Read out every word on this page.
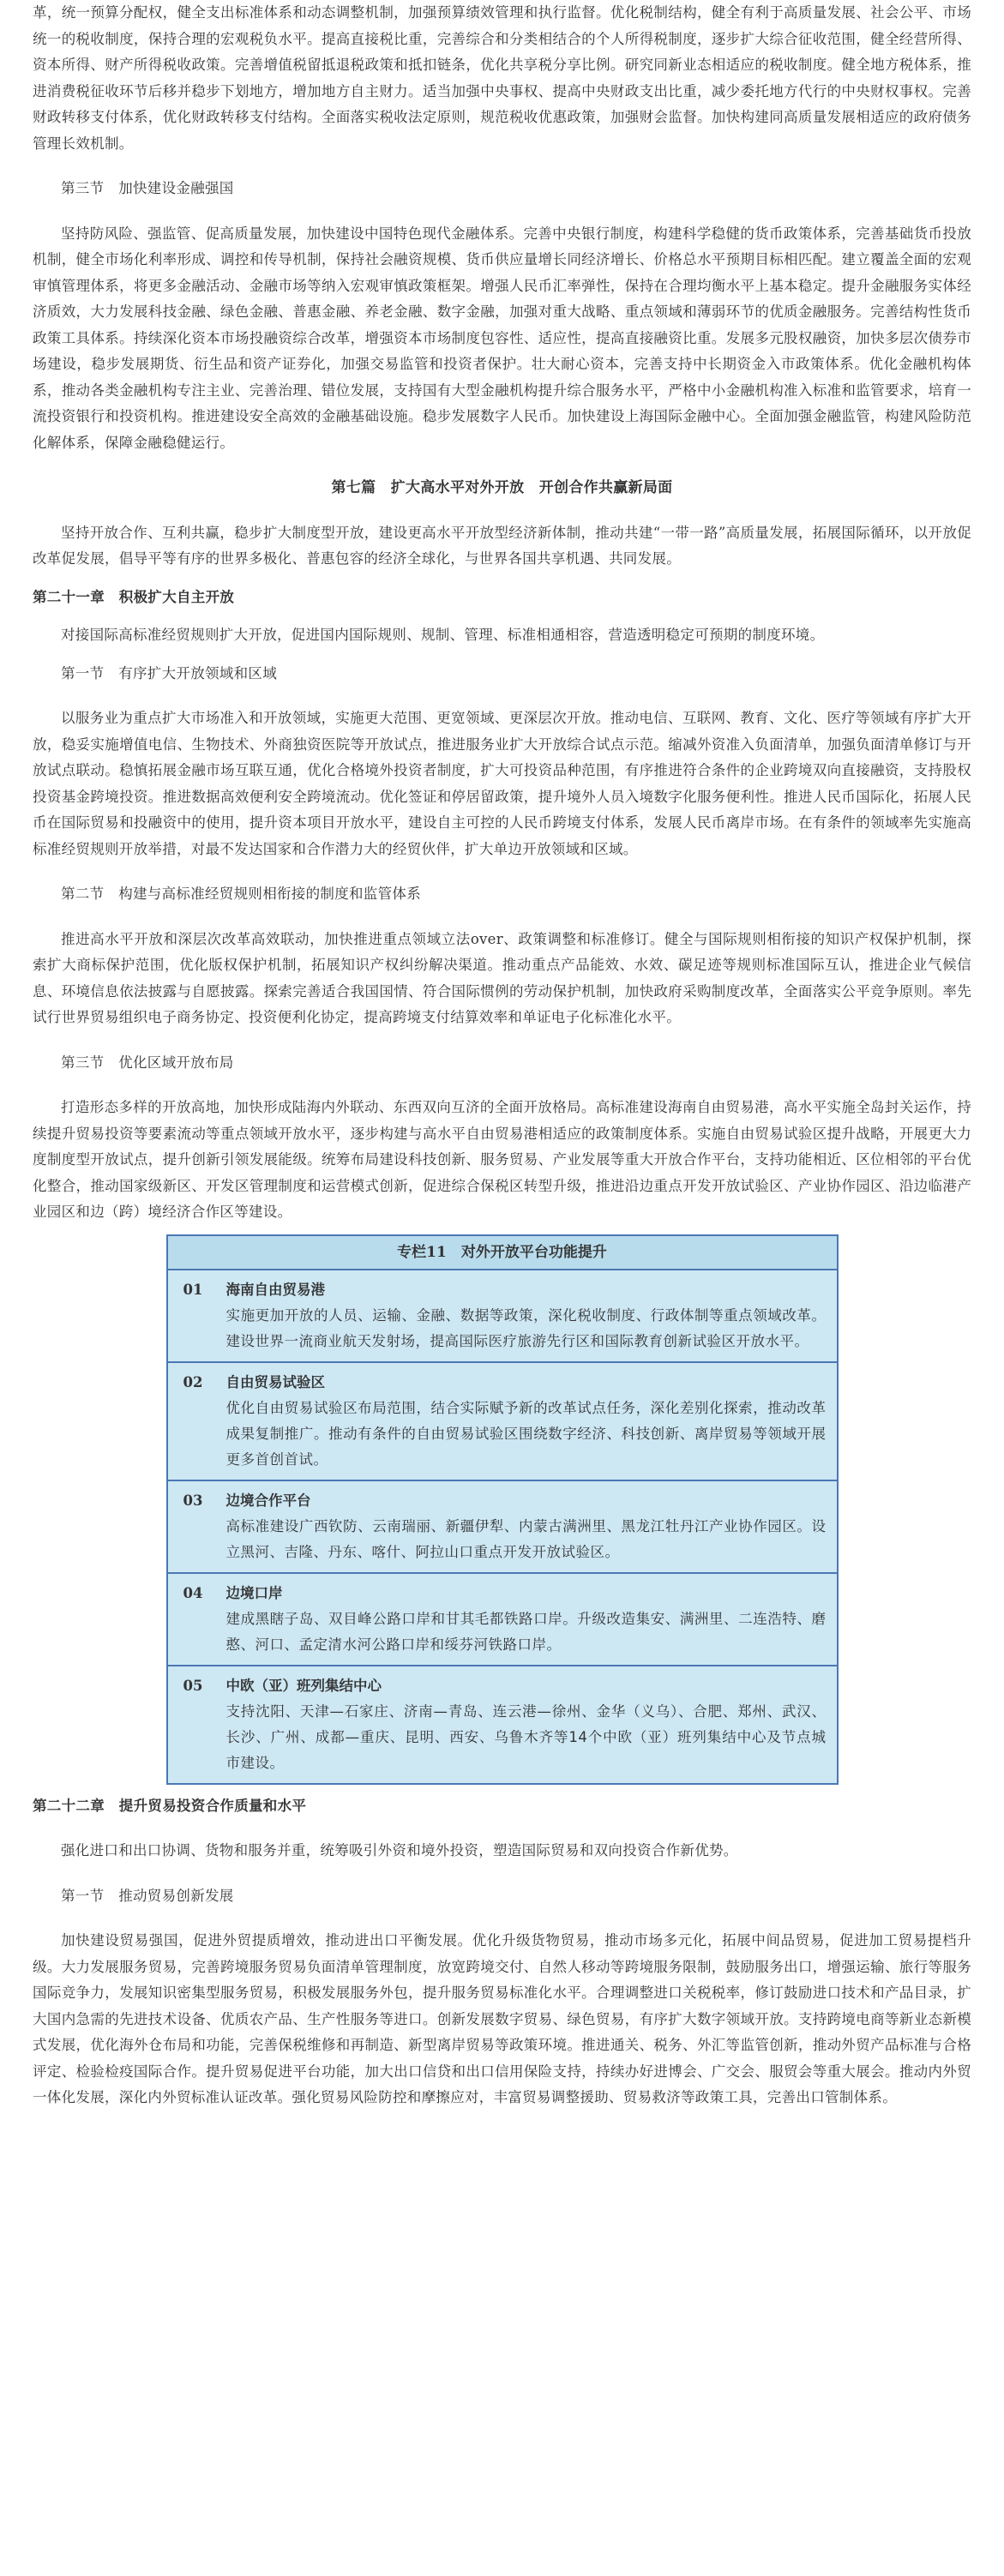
革，统一预算分配权，健全支出标准体系和动态调整机制，加强预算绩效管理和执行监督。优化税制结构，健全有利于高质量发展、社会公平、市场统一的税收制度，保持合理的宏观税负水平。提高直接税比重，完善综合和分类相结合的个人所得税制度，逐步扩大综合征收范围，健全经营所得、资本所得、财产所得税收政策。完善增值税留抵退税政策和抵扣链条，优化共享税分享比例。研究同新业态相适应的税收制度。健全地方税体系，推进消费税征收环节后移并稳步下划地方，增加地方自主财力。适当加强中央事权、提高中央财政支出比重，减少委托地方代行的中央财权事权。完善财政转移支付体系，优化财政转移支付结构。全面落实税收法定原则，规范税收优惠政策，加强财会监督。加快构建同高质量发展相适应的政府债务管理长效机制。

第三节　加快建设金融强国

坚持防风险、强监管、促高质量发展，加快建设中国特色现代金融体系。完善中央银行制度，构建科学稳健的货币政策体系，完善基础货币投放机制，健全市场化利率形成、调控和传导机制，保持社会融资规模、货币供应量增长同经济增长、价格总水平预期目标相匹配。建立覆盖全面的宏观审慎管理体系，将更多金融活动、金融市场等纳入宏观审慎政策框架。增强人民币汇率弹性，保持在合理均衡水平上基本稳定。提升金融服务实体经济质效，大力发展科技金融、绿色金融、普惠金融、养老金融、数字金融，加强对重大战略、重点领域和薄弱环节的优质金融服务。完善结构性货币政策工具体系。持续深化资本市场投融资综合改革，增强资本市场制度包容性、适应性，提高直接融资比重。发展多元股权融资，加快多层次债券市场建设，稳步发展期货、衍生品和资产证券化，加强交易监管和投资者保护。壮大耐心资本，完善支持中长期资金入市政策体系。优化金融机构体系，推动各类金融机构专注主业、完善治理、错位发展，支持国有大型金融机构提升综合服务水平，严格中小金融机构准入标准和监管要求，培育一流投资银行和投资机构。推进建设安全高效的金融基础设施。稳步发展数字人民币。加快建设上海国际金融中心。全面加强金融监管，构建风险防范化解体系，保障金融稳健运行。

第七篇　扩大高水平对外开放　开创合作共赢新局面

坚持开放合作、互利共赢，稳步扩大制度型开放，建设更高水平开放型经济新体制，推动共建“一带一路”高质量发展，拓展国际循环，以开放促改革促发展，倡导平等有序的世界多极化、普惠包容的经济全球化，与世界各国共享机遇、共同发展。

第二十一章　积极扩大自主开放

对接国际高标准经贸规则扩大开放，促进国内国际规则、规制、管理、标准相通相容，营造透明稳定可预期的制度环境。

第一节　有序扩大开放领域和区域

以服务业为重点扩大市场准入和开放领域，实施更大范围、更宽领域、更深层次开放。推动电信、互联网、教育、文化、医疗等领域有序扩大开放，稳妥实施增值电信、生物技术、外商独资医院等开放试点，推进服务业扩大开放综合试点示范。缩减外资准入负面清单，加强负面清单修订与开放试点联动。稳慎拓展金融市场互联互通，优化合格境外投资者制度，扩大可投资品种范围，有序推进符合条件的企业跨境双向直接融资，支持股权投资基金跨境投资。推进数据高效便利安全跨境流动。优化签证和停居留政策，提升境外人员入境数字化服务便利性。推进人民币国际化，拓展人民币在国际贸易和投融资中的使用，提升资本项目开放水平，建设自主可控的人民币跨境支付体系，发展人民币离岸市场。在有条件的领域率先实施高标准经贸规则开放举措，对最不发达国家和合作潜力大的经贸伙伴，扩大单边开放领域和区域。

第二节　构建与高标准经贸规则相衔接的制度和监管体系

推进高水平开放和深层次改革高效联动，加快推进重点领域立法over、政策调整和标准修订。健全与国际规则相衔接的知识产权保护机制，探索扩大商标保护范围，优化版权保护机制，拓展知识产权纠纷解决渠道。推动重点产品能效、水效、碳足迹等规则标准国际互认，推进企业气候信息、环境信息依法披露与自愿披露。探索完善适合我国国情、符合国际惯例的劳动保护机制，加快政府采购制度改革，全面落实公平竞争原则。率先试行世界贸易组织电子商务协定、投资便利化协定，提高跨境支付结算效率和单证电子化标准化水平。

第三节　优化区域开放布局

打造形态多样的开放高地，加快形成陆海内外联动、东西双向互济的全面开放格局。高标准建设海南自由贸易港，高水平实施全岛封关运作，持续提升贸易投资等要素流动等重点领域开放水平，逐步构建与高水平自由贸易港相适应的政策制度体系。实施自由贸易试验区提升战略，开展更大力度制度型开放试点，提升创新引领发展能级。统筹布局建设科技创新、服务贸易、产业发展等重大开放合作平台，支持功能相近、区位相邻的平台优化整合，推动国家级新区、开发区管理制度和运营模式创新，促进综合保税区转型升级，推进沿边重点开发开放试验区、产业协作园区、沿边临港产业园区和边（跨）境经济合作区等建设。

专栏11　对外开放平台功能提升
01	海南自由贸易港
实施更加开放的人员、运输、金融、数据等政策，深化税收制度、行政体制等重点领域改革。建设世界一流商业航天发射场，提高国际医疗旅游先行区和国际教育创新试验区开放水平。
02	自由贸易试验区
优化自由贸易试验区布局范围，结合实际赋予新的改革试点任务，深化差别化探索，推动改革成果复制推广。推动有条件的自由贸易试验区围绕数字经济、科技创新、离岸贸易等领域开展更多首创首试。
03	边境合作平台
高标准建设广西钦防、云南瑞丽、新疆伊犁、内蒙古满洲里、黑龙江牡丹江产业协作园区。设立黑河、吉隆、丹东、喀什、阿拉山口重点开发开放试验区。
04	边境口岸
建成黑瞎子岛、双目峰公路口岸和甘其毛都铁路口岸。升级改造集安、满洲里、二连浩特、磨憨、河口、孟定清水河公路口岸和绥芬河铁路口岸。
05	中欧（亚）班列集结中心
支持沈阳、天津—石家庄、济南—青岛、连云港—徐州、金华（义乌）、合肥、郑州、武汉、长沙、广州、成都—重庆、昆明、西安、乌鲁木齐等14个中欧（亚）班列集结中心及节点城市建设。

第二十二章　提升贸易投资合作质量和水平

强化进口和出口协调、货物和服务并重，统筹吸引外资和境外投资，塑造国际贸易和双向投资合作新优势。

第一节　推动贸易创新发展

加快建设贸易强国，促进外贸提质增效，推动进出口平衡发展。优化升级货物贸易，推动市场多元化，拓展中间品贸易，促进加工贸易提档升级。大力发展服务贸易，完善跨境服务贸易负面清单管理制度，放宽跨境交付、自然人移动等跨境服务限制，鼓励服务出口，增强运输、旅行等服务国际竞争力，发展知识密集型服务贸易，积极发展服务外包，提升服务贸易标准化水平。合理调整进口关税税率，修订鼓励进口技术和产品目录，扩大国内急需的先进技术设备、优质农产品、生产性服务等进口。创新发展数字贸易、绿色贸易，有序扩大数字领域开放。支持跨境电商等新业态新模式发展，优化海外仓布局和功能，完善保税维修和再制造、新型离岸贸易等政策环境。推进通关、税务、外汇等监管创新，推动外贸产品标准与合格评定、检验检疫国际合作。提升贸易促进平台功能，加大出口信贷和出口信用保险支持，持续办好进博会、广交会、服贸会等重大展会。推动内外贸一体化发展，深化内外贸标准认证改革。强化贸易风险防控和摩擦应对，丰富贸易调整援助、贸易救济等政策工具，完善出口管制体系。
